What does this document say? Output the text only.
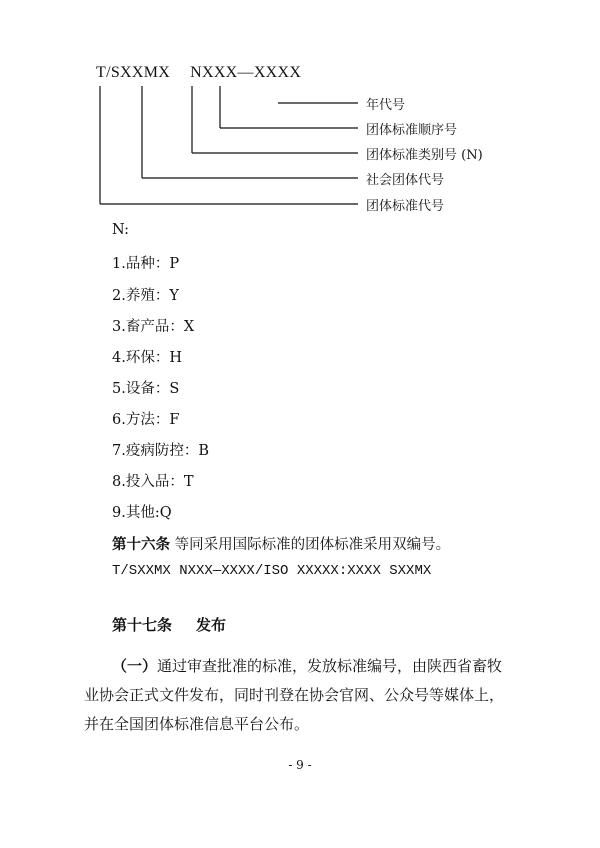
T/SXXMX NXXX—XXXX
年代号
团体标准顺序号
团体标准类别号 (N)
社会团体代号
团体标准代号
N:
1.品种：P
2.养殖：Y
3.畜产品：X
4.环保：H
5.设备：S
6.方法：F
7.疫病防控：B
8.投入品：T
9.其他:Q
第十六条 等同采用国际标准的团体标准采用双编号。
T/SXXMX NXXX—XXXX/ISO XXXXX:XXXX SXXMX
第十七条 发布
（一）通过审查批准的标准，发放标准编号，由陕西省畜牧
业协会正式文件发布，同时刊登在协会官网、公众号等媒体上，
并在全国团体标准信息平台公布。
- 9 -
